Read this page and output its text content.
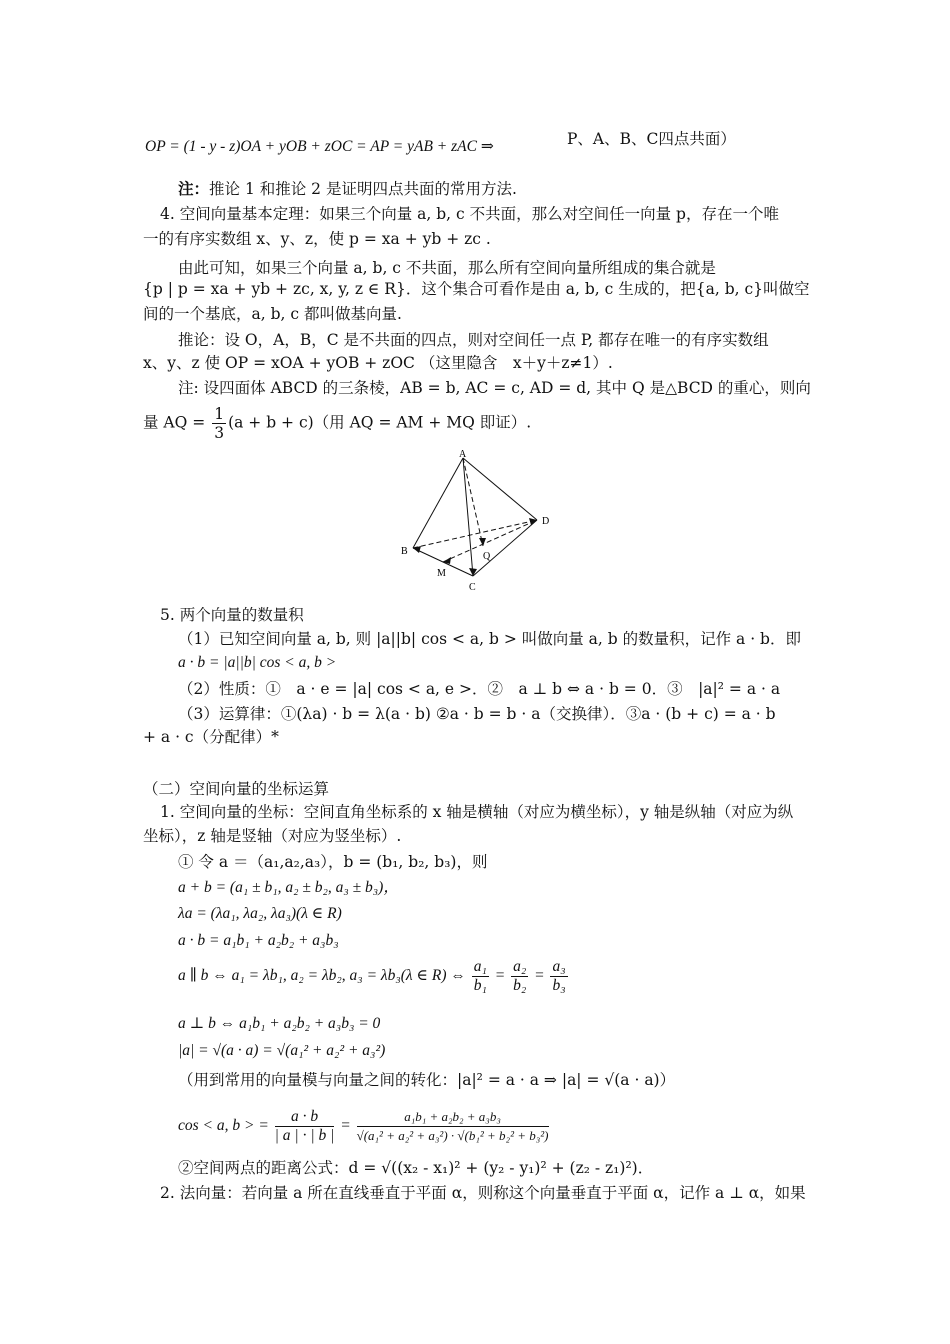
OP = (1 - y - z)OA + yOB + zOC = AP = yAB + zAC ⇒	P、A、B、C四点共面）
注：推论 1 和推论 2 是证明四点共面的常用方法.
4. 空间向量基本定理：如果三个向量 a, b, c 不共面，那么对空间任一向量 p，存在一个唯
一的有序实数组 x、y、z，使 p = xa + yb + zc .
由此可知，如果三个向量 a, b, c 不共面，那么所有空间向量所组成的集合就是
{p | p = xa + yb + zc, x, y, z ∈ R}．这个集合可看作是由 a, b, c 生成的，把{a, b, c}叫做空
间的一个基底，a, b, c 都叫做基向量.
推论：设 O，A，B，C 是不共面的四点，则对空间任一点 P, 都存在唯一的有序实数组
x、y、z 使 OP = xOA + yOB + zOC （这里隐含　x＋y＋z≠1）.
注: 设四面体 ABCD 的三条棱，AB = b, AC = c, AD = d, 其中 Q 是△BCD 的重心，则向
量 AQ = $\frac{1}{3} (a + b + c)$（用 AQ = AM + MQ 即证）.
A
B
C
D
M
Q
5. 两个向量的数量积
（1）已知空间向量 a, b, 则 |a||b| cos < a, b > 叫做向量 a, b 的数量积，记作 a · b．即
a · b = |a||b| cos < a, b >
（2）性质：①　a · e = |a| cos < a, e >．②　a ⊥ b ⇔ a · b = 0．③　|a|² = a · a
（3）运算律：①(λa) · b = λ(a · b) ②a · b = b · a（交换律）．③a · (b + c) = a · b
+ a · c（分配律）*
（二）空间向量的坐标运算
1. 空间向量的坐标：空间直角坐标系的 x 轴是横轴（对应为横坐标），y 轴是纵轴（对应为纵
坐标），z 轴是竖轴（对应为竖坐标）.
① 令 a ＝（a₁,a₂,a₃），b = (b₁, b₂, b₃)，则
a + b = (a₁ ± b₁, a₂ ± b₂, a₃ ± b₃)，
λa = (λa₁, λa₂, λa₃)(λ ∈ R)
a · b = a₁b₁ + a₂b₂ + a₃b₃
a ∥ b ⇔ a₁ = λb₁, a₂ = λb₂, a₃ = λb₃(λ ∈ R) ⇔ $\frac{\text{a₁}}{\text{b₁}} = \frac{\text{a₂}}{\text{b₂}} = \frac{\text{a₃}}{\text{b₃}}$
a ⊥ b ⇔ a₁b₁ + a₂b₂ + a₃b₃ = 0
|a| = √(a · a) = √(a₁² + a₂² + a₃²)
（用到常用的向量模与向量之间的转化：|a|² = a · a ⇒ |a| = √(a · a)）
cos < a, b > = $\frac{a \cdot b}{| a | \cdot | b |} = \frac{\text{a₁b₁ + a₂b₂ + a₃b₃}}{\text{√(a₁² + a₂² + a₃²) · √(b₁² + b₂² + b₃²)}}$
②空间两点的距离公式：d = √((x₂ - x₁)² + (y₂ - y₁)² + (z₂ - z₁)²)．
2. 法向量：若向量 a 所在直线垂直于平面 α，则称这个向量垂直于平面 α，记作 a ⊥ α，如果
